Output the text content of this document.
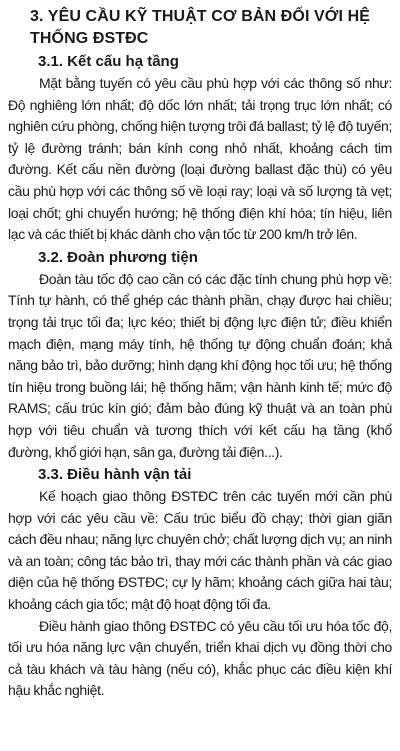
3. YÊU CẦU KỸ THUẬT CƠ BẢN ĐỐI VỚI HỆ THỐNG ĐSTĐC
3.1. Kết cấu hạ tầng

Mặt bằng tuyến có yêu cầu phù hợp với các thông số như: Độ nghiêng lớn nhất; độ dốc lớn nhất; tải trọng trục lớn nhất; có nghiên cứu phòng, chống hiện tượng trôi đá ballast; tỷ lệ độ tuyến; tỷ lệ đường tránh; bán kính cong nhỏ nhất, khoảng cách tim đường. Kết cấu nền đường (loại đường ballast đặc thù) có yêu cầu phù hợp với các thông số về loại ray; loại và số lượng tà vẹt; loại chốt; ghi chuyển hướng; hệ thống điện khí hóa; tín hiệu, liên lạc và các thiết bị khác dành cho vận tốc từ 200 km/h trở lên.

3.2. Đoàn phương tiện

Đoàn tàu tốc độ cao cần có các đặc tính chung phù hợp về: Tính tự hành, có thể ghép các thành phần, chạy được hai chiều; trọng tải trục tối đa; lực kéo; thiết bị động lực điện tử; điều khiển mạch điện, mạng máy tính, hệ thống tự động chuẩn đoán; khả năng bảo trì, bảo dưỡng; hình dạng khí động học tối ưu; hệ thống tín hiệu trong buồng lái; hệ thống hãm; vận hành kinh tế; mức độ RAMS; cấu trúc kín gió; đảm bảo đúng kỹ thuật và an toàn phù hợp với tiêu chuẩn và tương thích với kết cấu hạ tầng (khổ đường, khổ giới hạn, sân ga, đường tải điện...).

3.3. Điều hành vận tải

Kế hoạch giao thông ĐSTĐC trên các tuyến mới cần phù hợp với các yêu cầu về: Cấu trúc biểu đồ chạy; thời gian giãn cách đều nhau; năng lực chuyên chở; chất lượng dịch vụ; an ninh và an toàn; công tác bảo trì, thay mới các thành phần và các giao diện của hệ thống ĐSTĐC; cự ly hãm; khoảng cách giữa hai tàu; khoảng cách gia tốc; mật độ hoạt động tối đa.

Điều hành giao thông ĐSTĐC có yêu cầu tối ưu hóa tốc độ, tối ưu hóa năng lực vận chuyển, triển khai dịch vụ đồng thời cho cả tàu khách và tàu hàng (nếu có), khắc phục các điều kiện khí hậu khắc nghiệt.
